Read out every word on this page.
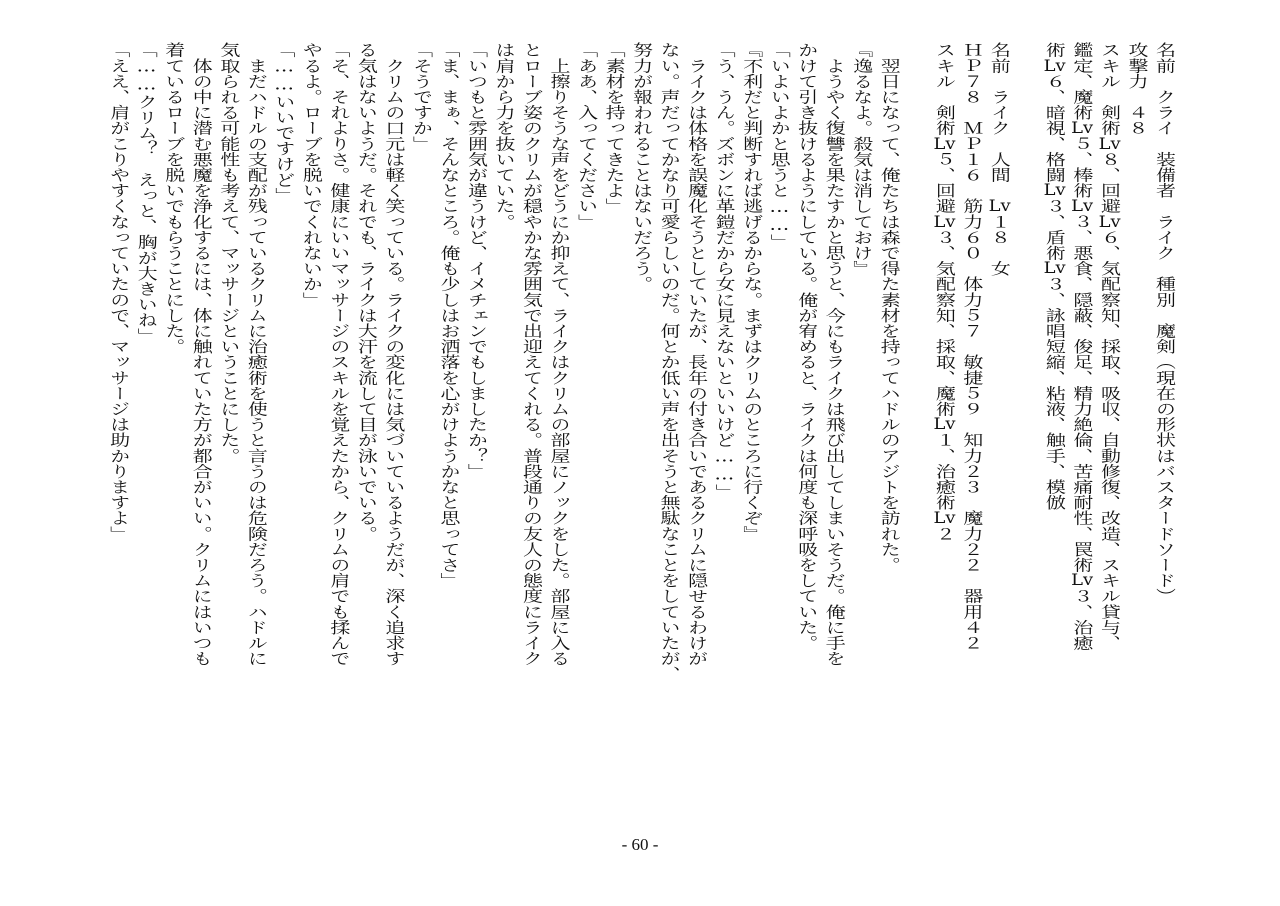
名前　クライ　装備者　ライク　種別　魔剣（現在の形状はバスタードソード）
攻撃力　４８
スキル　剣術Lv８、回避Lv６、気配察知、採取、吸収、自動修復、改造、スキル貸与、
鑑定、魔術Lv５、棒術Lv３、悪食、隠蔽、俊足、精力絶倫、苦痛耐性、罠術Lv３、治癒
術Lv６、暗視、格闘Lv３、盾術Lv３、詠唱短縮、粘液、触手、模倣

名前　ライク　人間　Lv１８　女
ＨＰ７８　ＭＰ１６　筋力６０　体力５７　敏捷５９　知力２３　魔力２２　器用４２
スキル　剣術Lv５、回避Lv３、気配察知、採取、魔術Lv１、治癒術Lv２

　翌日になって、俺たちは森で得た素材を持ってハドルのアジトを訪れた。
『逸るなよ。殺気は消しておけ』
　ようやく復讐を果たすかと思うと、今にもライクは飛び出してしまいそうだ。俺に手を
かけて引き抜けるようにしている。俺が宥めると、ライクは何度も深呼吸をしていた。
「いよいよかと思うと……」
『不利だと判断すれば逃げるからな。まずはクリムのところに行くぞ』
「う、うん。ズボンに革鎧だから女に見えないといいけど……」
　ライクは体格を誤魔化そうとしていたが、長年の付き合いであるクリムに隠せるわけが
ない。声だってかなり可愛らしいのだ。何とか低い声を出そうと無駄なことをしていたが、
努力が報われることはないだろう。
「素材を持ってきたよ」
「ああ、入ってください」
　上擦りそうな声をどうにか抑えて、ライクはクリムの部屋にノックをした。部屋に入る
とローブ姿のクリムが穏やかな雰囲気で出迎えてくれる。普段通りの友人の態度にライク
は肩から力を抜いていた。
「いつもと雰囲気が違うけど、イメチェンでもしましたか？」
「ま、まぁ、そんなところ。俺も少しはお洒落を心がけようかなと思ってさ」
「そうですか」
　クリムの口元は軽く笑っている。ライクの変化には気づいているようだが、深く追求す
る気はないようだ。それでも、ライクは大汗を流して目が泳いでいる。
「そ、それよりさ。健康にいいマッサージのスキルを覚えたから、クリムの肩でも揉んで
やるよ。ローブを脱いでくれないか」
「……いいですけど」
　まだハドルの支配が残っているクリムに治癒術を使うと言うのは危険だろう。ハドルに
気取られる可能性も考えて、マッサージということにした。
　体の中に潜む悪魔を浄化するには、体に触れていた方が都合がいい。クリムにはいつも
着ているローブを脱いでもらうことにした。
「……クリム？　えっと、胸が大きいね」
「ええ、肩がこりやすくなっていたので、マッサージは助かりますよ」
- 60 -
